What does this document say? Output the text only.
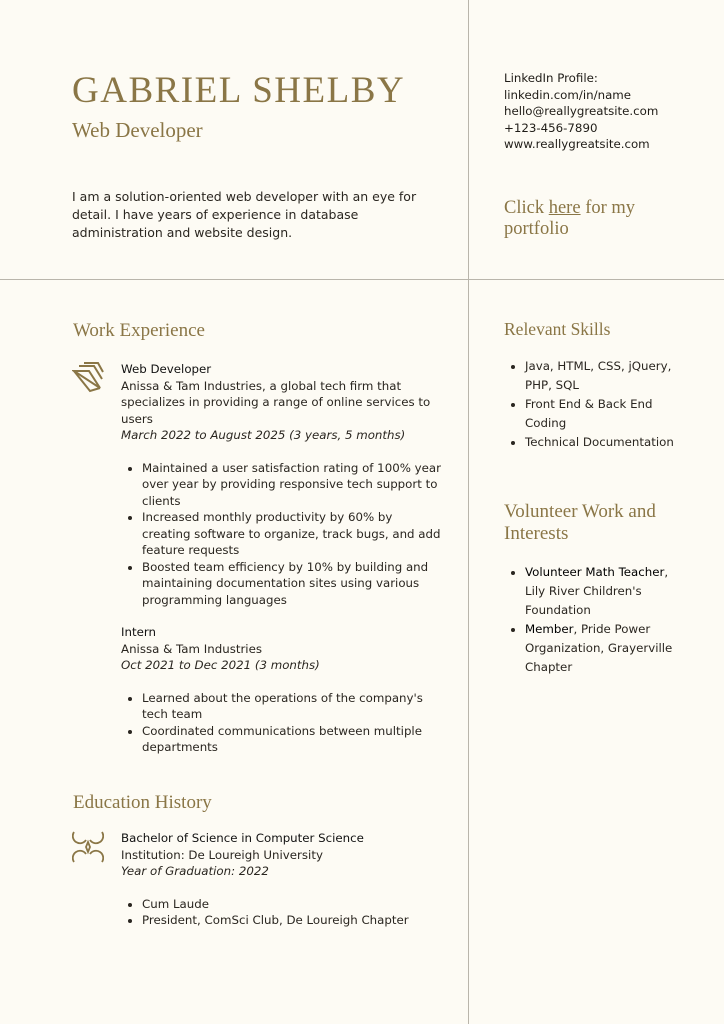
GABRIEL SHELBY
Web Developer
I am a solution-oriented web developer with an eye for detail. I have years of experience in database administration and website design.
LinkedIn Profile:
linkedin.com/in/name
hello@reallygreatsite.com
+123-456-7890
www.reallygreatsite.com
Click here for my portfolio
Work Experience
Web Developer
Anissa & Tam Industries, a global tech firm that specializes in providing a range of online services to users
March 2022 to August 2025 (3 years, 5 months)
• Maintained a user satisfaction rating of 100% year over year by providing responsive tech support to clients
• Increased monthly productivity by 60% by creating software to organize, track bugs, and add feature requests
• Boosted team efficiency by 10% by building and maintaining documentation sites using various programming languages
Intern
Anissa & Tam Industries
Oct 2021 to Dec 2021 (3 months)
• Learned about the operations of the company's tech team
• Coordinated communications between multiple departments
Education History
Bachelor of Science in Computer Science
Institution: De Loureigh University
Year of Graduation: 2022
• Cum Laude
• President, ComSci Club, De Loureigh Chapter
Relevant Skills
• Java, HTML, CSS, jQuery, PHP, SQL
• Front End & Back End Coding
• Technical Documentation
Volunteer Work and Interests
• Volunteer Math Teacher, Lily River Children's Foundation
• Member, Pride Power Organization, Grayerville Chapter
